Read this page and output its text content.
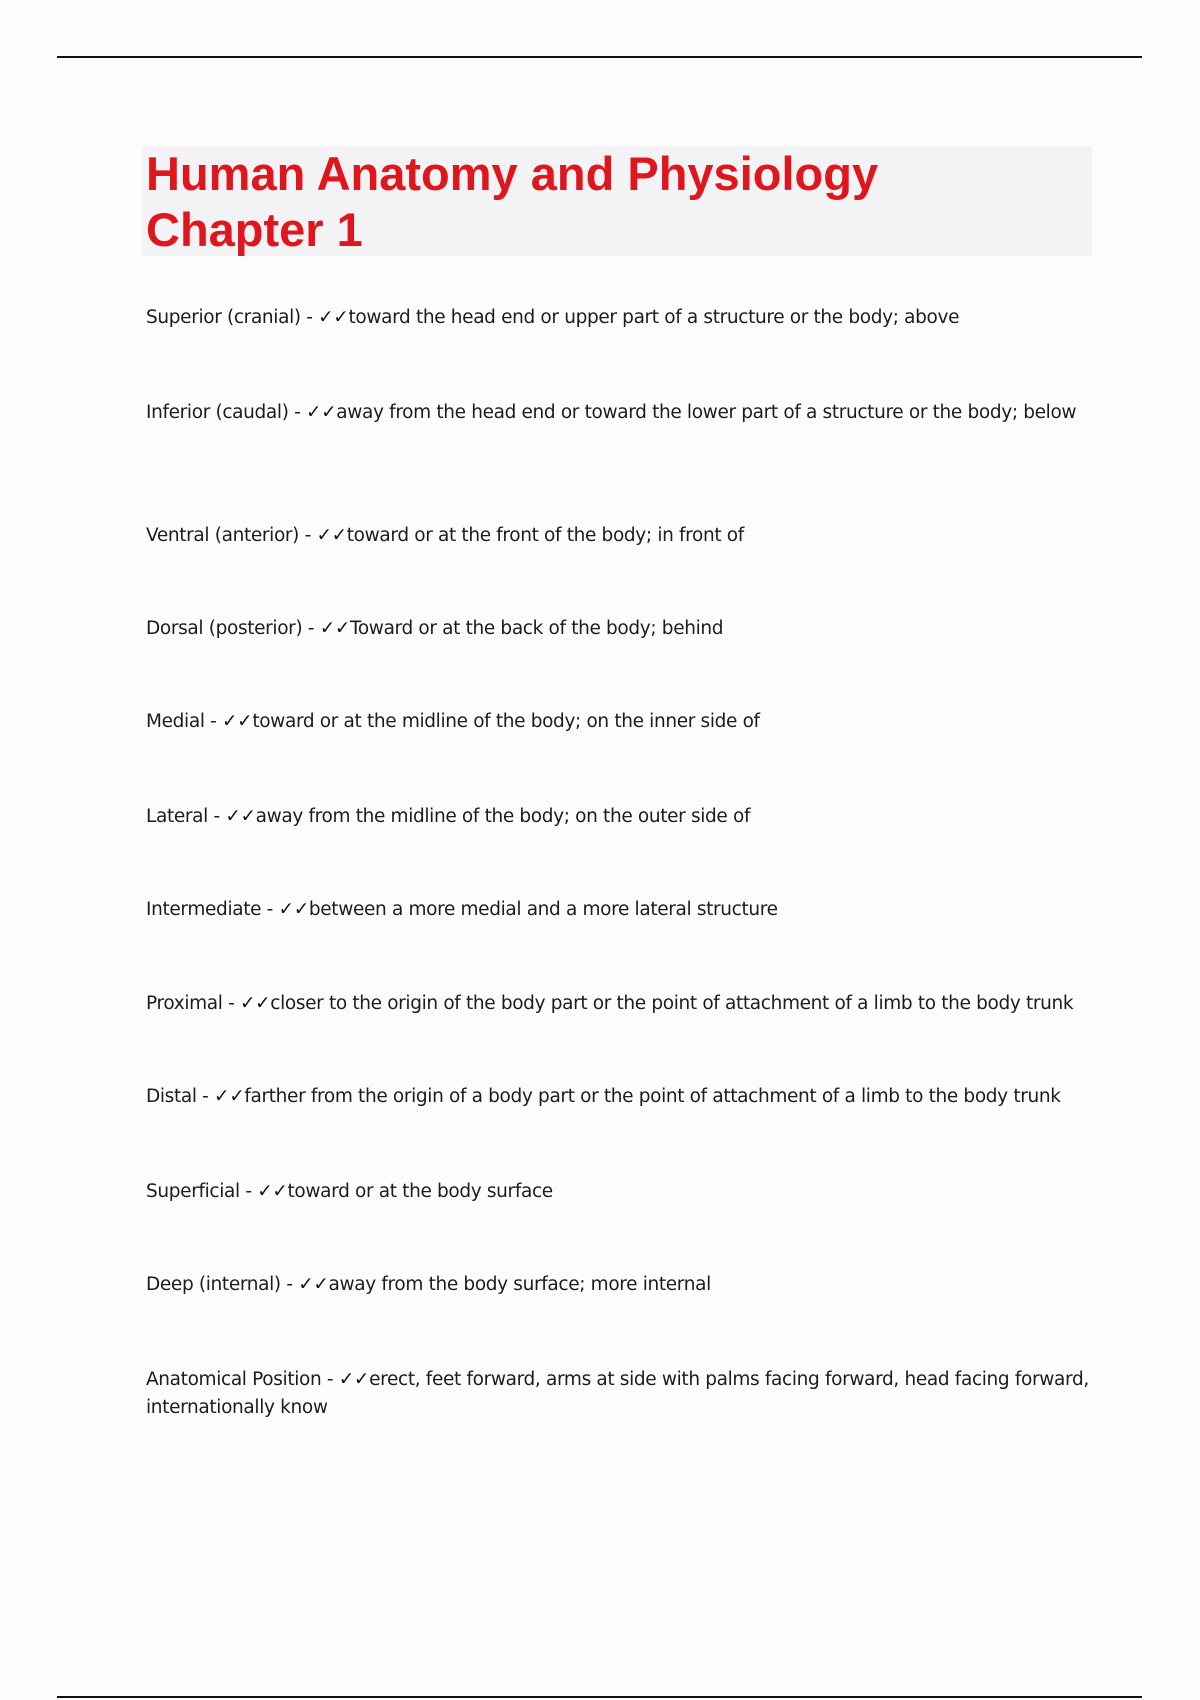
Human Anatomy and Physiology
Chapter 1

Superior (cranial) - ✓✓toward the head end or upper part of a structure or the body; above

Inferior (caudal) - ✓✓away from the head end or toward the lower part of a structure or the body; below

Ventral (anterior) - ✓✓toward or at the front of the body; in front of

Dorsal (posterior) - ✓✓Toward or at the back of the body; behind

Medial - ✓✓toward or at the midline of the body; on the inner side of

Lateral - ✓✓away from the midline of the body; on the outer side of

Intermediate - ✓✓between a more medial and a more lateral structure

Proximal - ✓✓closer to the origin of the body part or the point of attachment of a limb to the body trunk

Distal - ✓✓farther from the origin of a body part or the point of attachment of a limb to the body trunk

Superficial - ✓✓toward or at the body surface

Deep (internal) - ✓✓away from the body surface; more internal

Anatomical Position - ✓✓erect, feet forward, arms at side with palms facing forward, head facing forward, internationally know
